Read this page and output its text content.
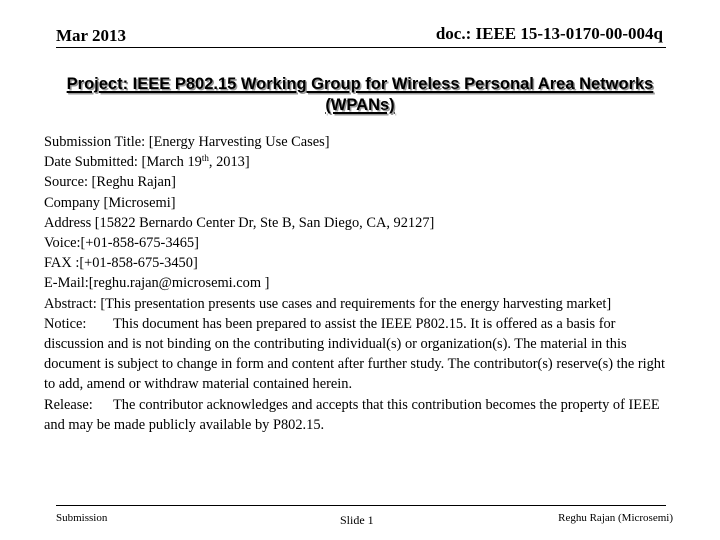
Mar 2013	doc.: IEEE 15-13-0170-00-004q
Project: IEEE P802.15 Working Group for Wireless Personal Area Networks (WPANs)
Submission Title: [Energy Harvesting Use Cases]
Date Submitted: [March 19th, 2013]
Source: [Reghu Rajan]
Company [Microsemi]
Address [15822 Bernardo Center Dr, Ste B, San Diego, CA, 92127]
Voice:[+01-858-675-3465]
FAX :[+01-858-675-3450]
E-Mail:[reghu.rajan@microsemi.com ]
Abstract: [This presentation presents use cases and requirements for the energy harvesting market]
Notice: This document has been prepared to assist the IEEE P802.15. It is offered as a basis for discussion and is not binding on the contributing individual(s) or organization(s). The material in this document is subject to change in form and content after further study. The contributor(s) reserve(s) the right to add, amend or withdraw material contained herein.
Release: The contributor acknowledges and accepts that this contribution becomes the property of IEEE and may be made publicly available by P802.15.
Submission	Slide 1	Reghu Rajan (Microsemi)
